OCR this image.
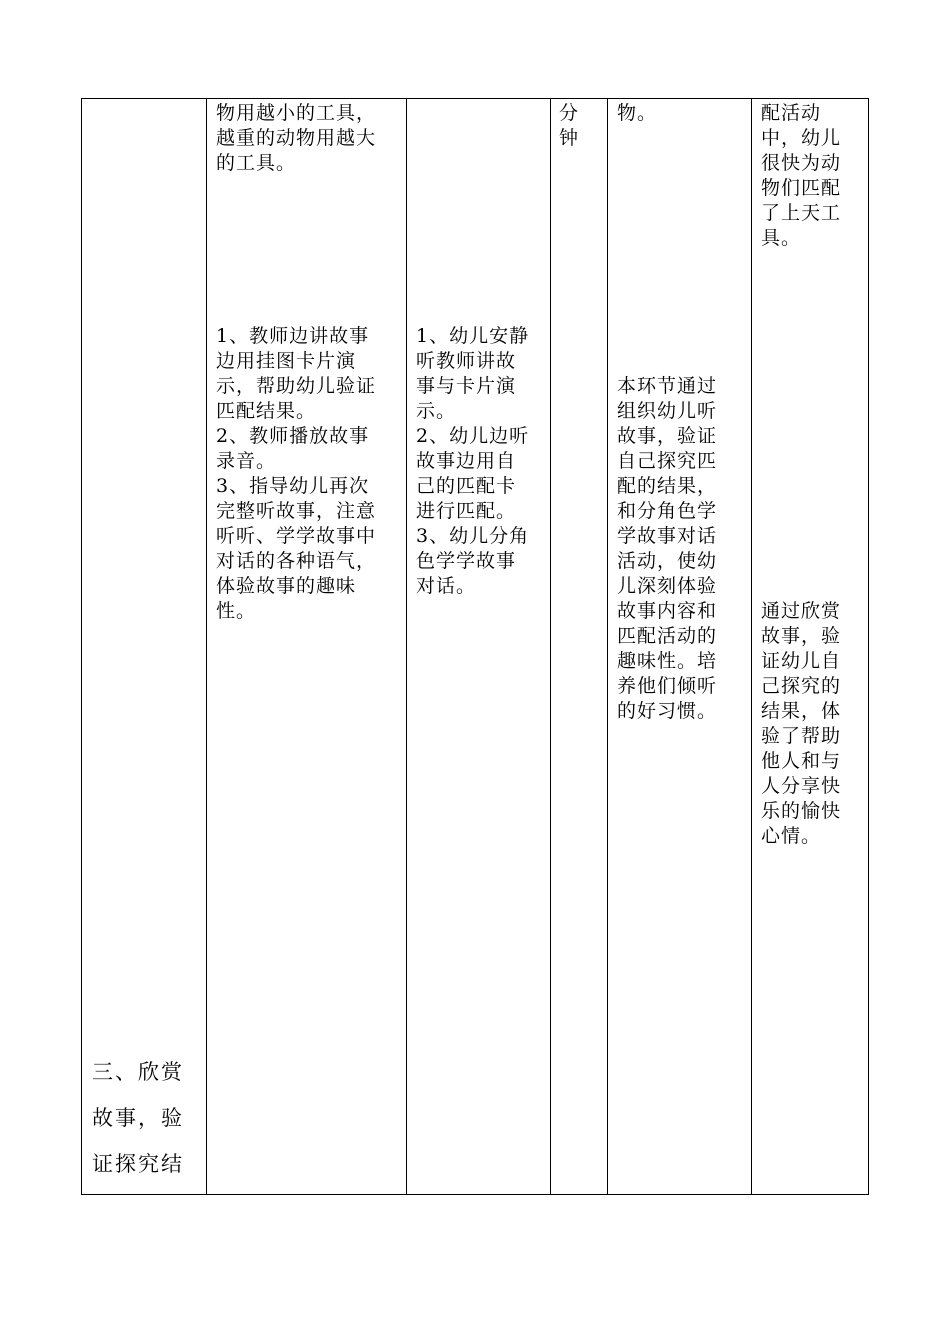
三、欣赏
故事，验
证探究结
物用越小的工具，
越重的动物用越大
的工具。
1、教师边讲故事
边用挂图卡片演
示，帮助幼儿验证
匹配结果。
2、教师播放故事
录音。
3、指导幼儿再次
完整听故事，注意
听听、学学故事中
对话的各种语气，
体验故事的趣味
性。
1、幼儿安静
听教师讲故
事与卡片演
示。
2、幼儿边听
故事边用自
己的匹配卡
进行匹配。
3、幼儿分角
色学学故事
对话。
分
钟
物。
本环节通过
组织幼儿听
故事，验证
自己探究匹
配的结果，
和分角色学
学故事对话
活动，使幼
儿深刻体验
故事内容和
匹配活动的
趣味性。培
养他们倾听
的好习惯。
配活动
中，幼儿
很快为动
物们匹配
了上天工
具。
通过欣赏
故事，验
证幼儿自
己探究的
结果，体
验了帮助
他人和与
人分享快
乐的愉快
心情。
